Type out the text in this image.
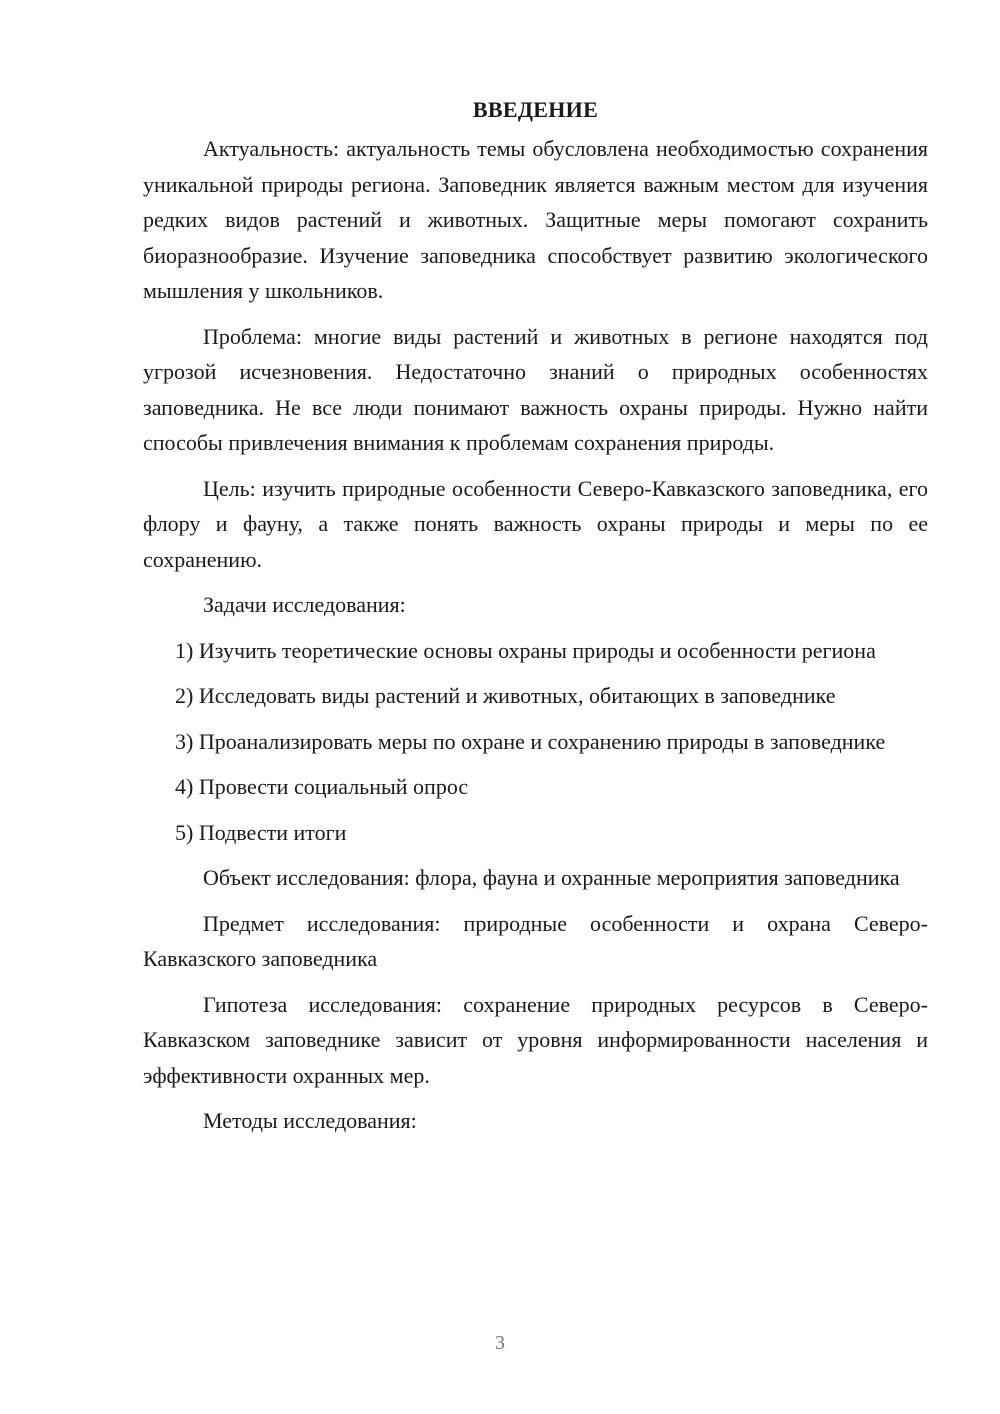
ВВЕДЕНИЕ

Актуальность: актуальность темы обусловлена необходимостью сохранения уникальной природы региона. Заповедник является важным местом для изучения редких видов растений и животных. Защитные меры помогают сохранить биоразнообразие. Изучение заповедника способствует развитию экологического мышления у школьников.

Проблема: многие виды растений и животных в регионе находятся под угрозой исчезновения. Недостаточно знаний о природных особенностях заповедника. Не все люди понимают важность охраны природы. Нужно найти способы привлечения внимания к проблемам сохранения природы.

Цель: изучить природные особенности Северо-Кавказского заповедника, его флору и фауну, а также понять важность охраны природы и меры по ее сохранению.

Задачи исследования:

1) Изучить теоретические основы охраны природы и особенности региона

2) Исследовать виды растений и животных, обитающих в заповеднике

3) Проанализировать меры по охране и сохранению природы в заповеднике

4) Провести социальный опрос

5) Подвести итоги

Объект исследования: флора, фауна и охранные мероприятия заповедника

Предмет исследования: природные особенности и охрана Северо-Кавказского заповедника

Гипотеза исследования: сохранение природных ресурсов в Северо-Кавказском заповеднике зависит от уровня информированности населения и эффективности охранных мер.

Методы исследования:

3
